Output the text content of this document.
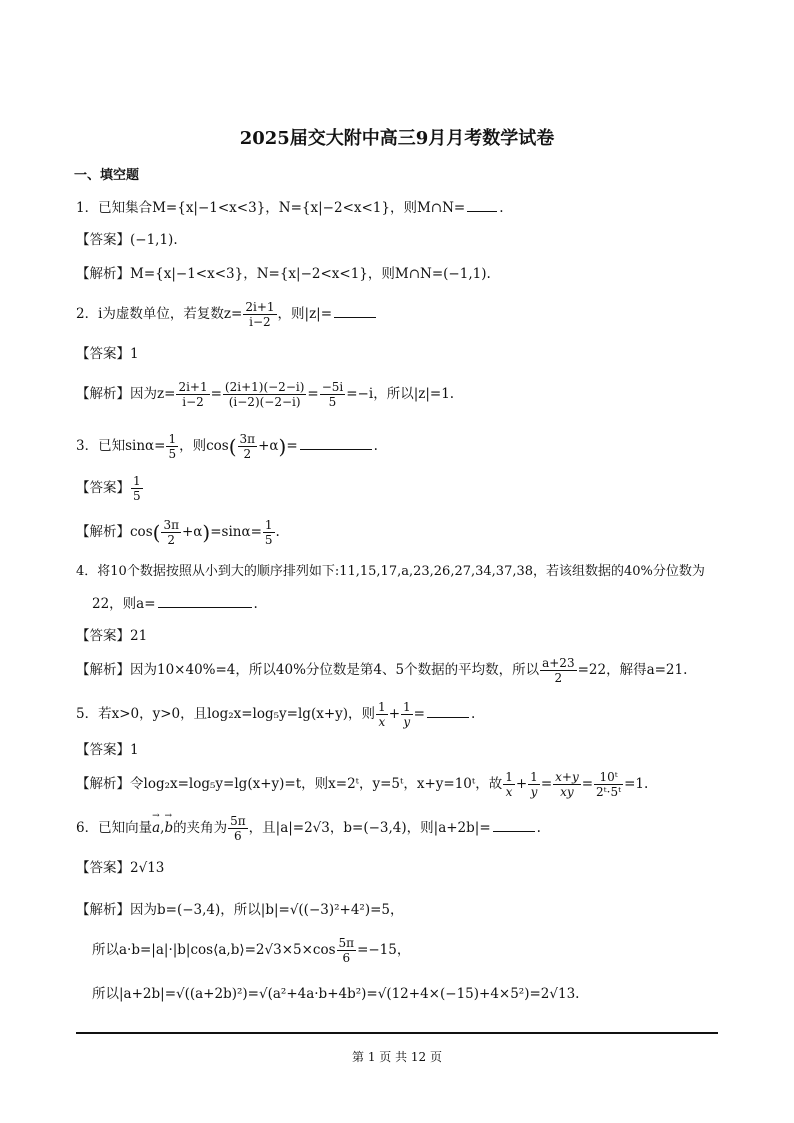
2025届交大附中高三9月月考数学试卷
一、填空题
1．已知集合M={x|−1<x<3}，N={x|−2<x<1}，则M∩N=	.
【答案】(−1,1).
【解析】M={x|−1<x<3}，N={x|−2<x<1}，则M∩N=(−1,1).
2．i为虚数单位，若复数$z= \frac{2i+1}{i-2}$ ，则|z|=
【答案】1
【解析】因为$z= \frac{2i+1}{i-2} = \frac{(2i+1)(-2-i)}{(i-2)(-2-i)} = \frac{-5i}{5} =-i$，所以|z|=1.
3．已知$\sin\alpha= \frac{1}{5}$ ，则$\cos( \frac{3\pi}{2} +\alpha)=$	.
【答案】 $\frac{1}{5}$
【解析】$\cos( \frac{3\pi}{2} +\alpha)=\sin\alpha= \frac{1}{5}$ .
4．将10个数据按照从小到大的顺序排列如下:11,15,17,a,23,26,27,34,37,38，若该组数据的40%分位数为
22，则a=	.
【答案】21
【解析】因为10×40%=4，所以40%分位数是第4、5个数据的平均数，所以 $\frac{a+23}{2} =22$，解得a=21.
5．若x>0，y>0，且log₂x=log₅y=lg(x+y)，则 $\frac{1}{x} + \frac{1}{y}$ =	.
【答案】1
【解析】令log₂x=log₅y=lg(x+y)=t，则x=2ᵗ，y=5ᵗ，x+y=10ᵗ，故 $\frac{1}{x} + \frac{1}{y} = \frac{x+y}{xy} = \frac{\text{10ᵗ}}{\text{2ᵗ·5ᵗ}} =1$.
6．已知向量→ a,→ b的夹角为 $\frac{5\pi}{6}$ ，且|a|=2√3，b=(−3,4)，则|a+2b|=	.
【答案】2√13
【解析】因为b=(−3,4)，所以|b|=√((−3)²+4²)=5，
所以a·b=|a|·|b|cos⟨a,b⟩=2√3×5×cos $\frac{5\pi}{6} =-15$，
所以|a+2b|=√((a+2b)²)=√(a²+4a·b+4b²)=√(12+4×(−15)+4×5²)=2√13.
第 1 页 共 12 页
